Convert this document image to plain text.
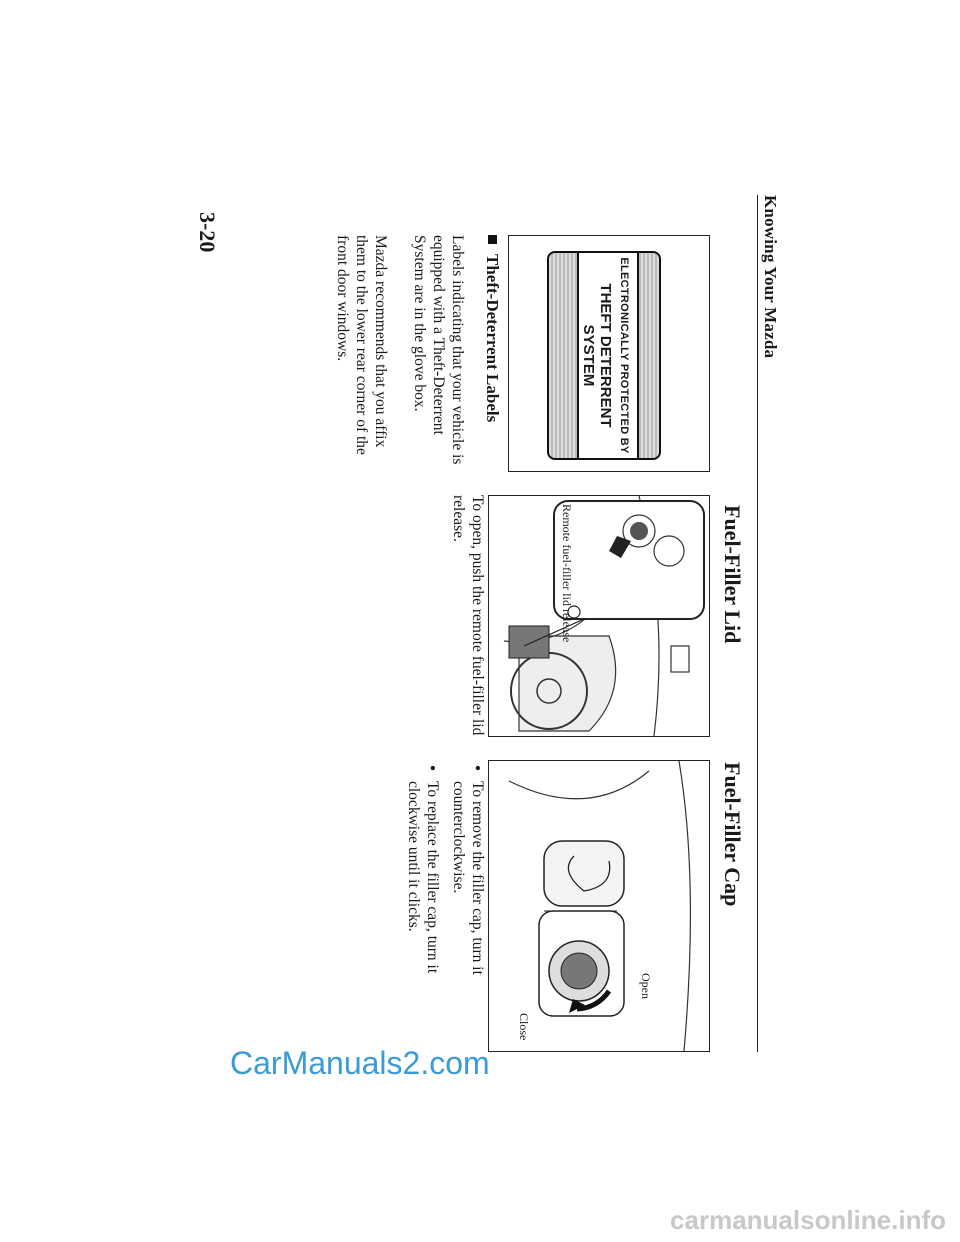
Knowing Your Mazda
ELECTRONICALLY PROTECTED BY
THEFT DETERRENT SYSTEM
Fuel-Filler Lid
Remote fuel-filler lid release
To open, push the remote fuel-filler lid release.
Fuel-Filler Cap
Open
Close
● To remove the filler cap, turn it counterclockwise.
● To replace the filler cap, turn it clockwise until it clicks.
Theft-Deterrent Labels
Labels indicating that your vehicle is equipped with a Theft-Deterrent System are in the glove box.
Mazda recommends that you affix them to the lower rear corner of the front door windows.
3-20
CarManuals2.com
carmanualsonline.info
